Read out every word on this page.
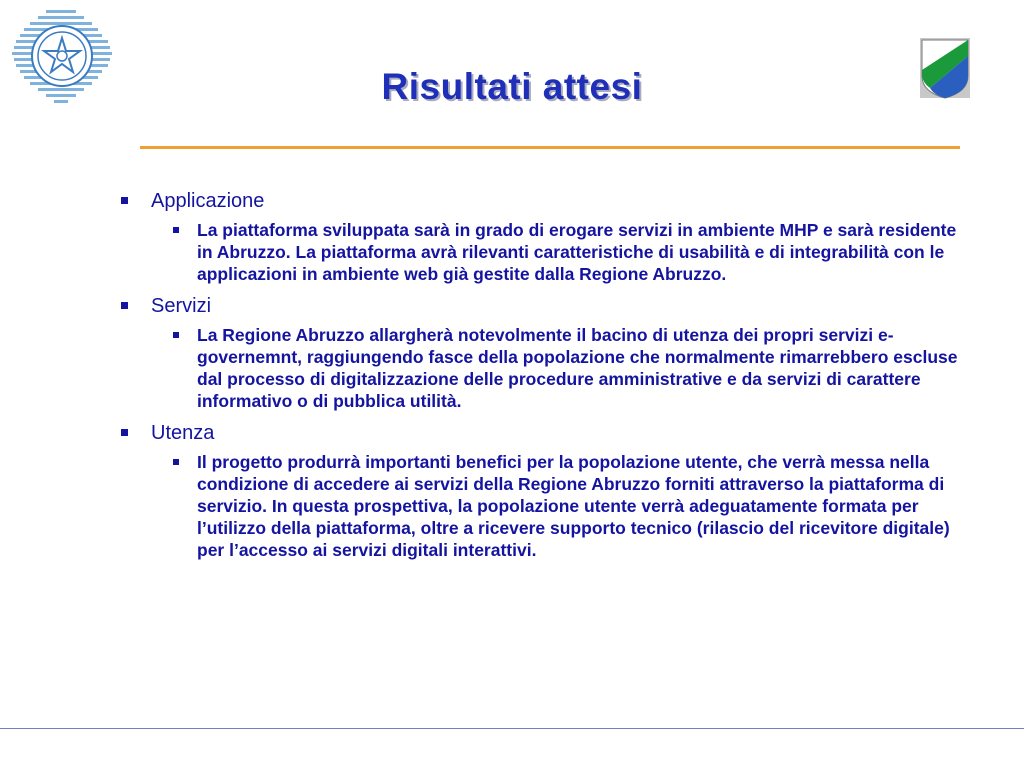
Risultati attesi
Applicazione
La piattaforma sviluppata sarà in grado di erogare servizi in ambiente MHP e sarà residente in Abruzzo. La piattaforma avrà rilevanti caratteristiche di usabilità e di integrabilità con le applicazioni in ambiente web già gestite dalla Regione Abruzzo.
Servizi
La Regione Abruzzo allargherà notevolmente il bacino di utenza dei propri servizi e-governemnt, raggiungendo fasce della popolazione che normalmente rimarrebbero escluse dal processo di digitalizzazione delle procedure amministrative e da servizi di carattere informativo o di pubblica utilità.
Utenza
Il progetto produrrà importanti benefici per la popolazione utente, che verrà messa nella condizione di accedere ai servizi della Regione Abruzzo forniti attraverso la piattaforma di servizio. In questa prospettiva, la popolazione utente verrà adeguatamente formata per l’utilizzo della piattaforma, oltre a ricevere supporto tecnico (rilascio del ricevitore digitale) per l’accesso ai servizi digitali interattivi.
